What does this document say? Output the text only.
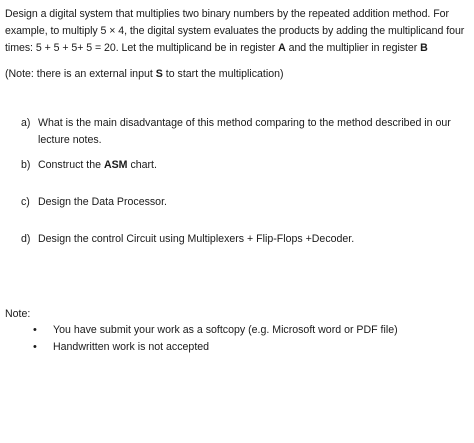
Design a digital system that multiplies two binary numbers by the repeated addition method. For example, to multiply 5 × 4, the digital system evaluates the products by adding the multiplicand four times: 5 + 5 + 5+ 5 = 20. Let the multiplicand be in register A and the multiplier in register B

(Note: there is an external input S to start the multiplication)

a) What is the main disadvantage of this method comparing to the method described in our lecture notes.
b) Construct the ASM chart.
c) Design the Data Processor.
d) Design the control Circuit using Multiplexers + Flip-Flops +Decoder.

Note:

•	You have submit your work as a softcopy (e.g. Microsoft word or PDF file)
•	Handwritten work is not accepted
